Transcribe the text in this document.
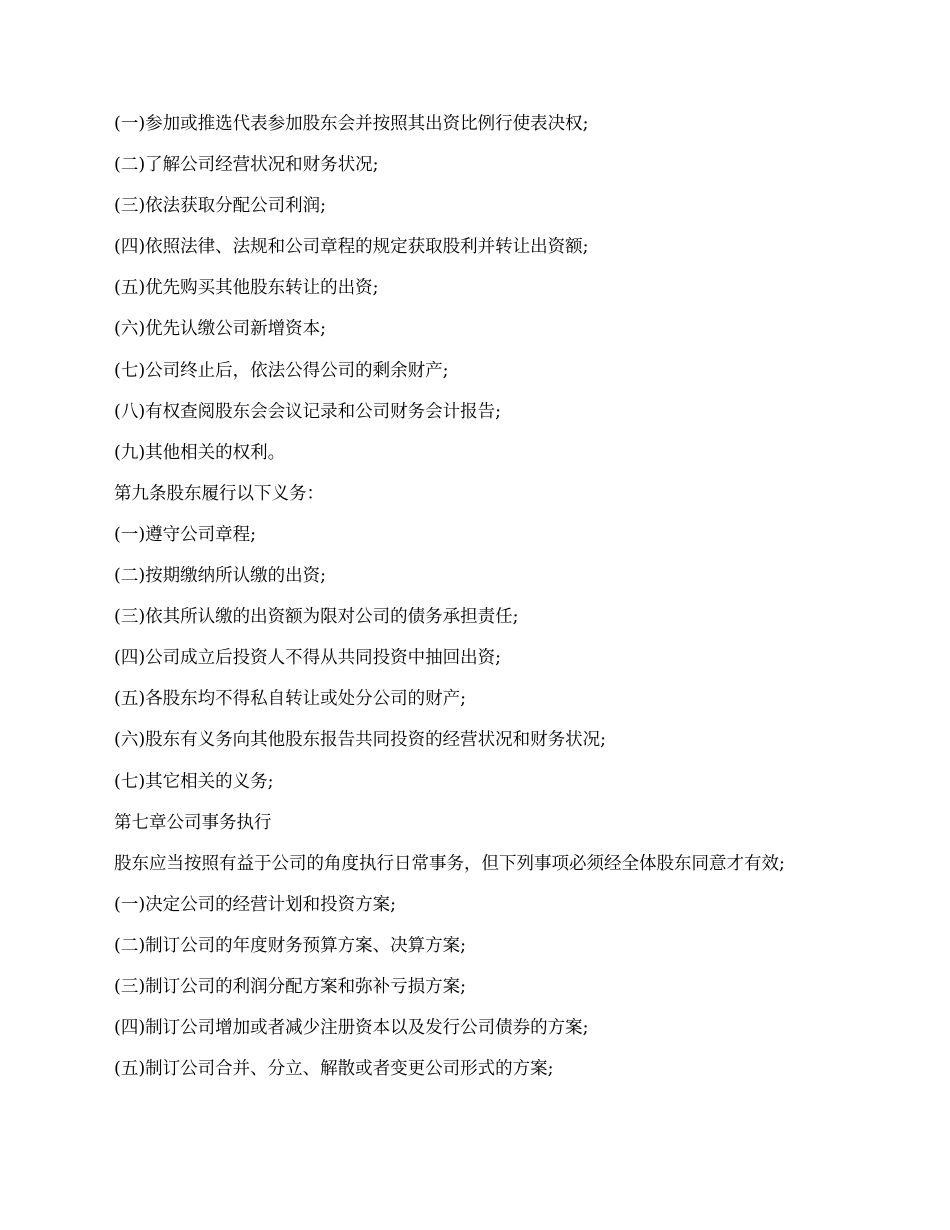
(一)参加或推选代表参加股东会并按照其出资比例行使表决权;
(二)了解公司经营状况和财务状况;
(三)依法获取分配公司利润;
(四)依照法律、法规和公司章程的规定获取股利并转让出资额;
(五)优先购买其他股东转让的出资;
(六)优先认缴公司新增资本;
(七)公司终止后，依法公得公司的剩余财产;
(八)有权查阅股东会会议记录和公司财务会计报告;
(九)其他相关的权利。
第九条股东履行以下义务：
(一)遵守公司章程;
(二)按期缴纳所认缴的出资;
(三)依其所认缴的出资额为限对公司的债务承担责任;
(四)公司成立后投资人不得从共同投资中抽回出资;
(五)各股东均不得私自转让或处分公司的财产;
(六)股东有义务向其他股东报告共同投资的经营状况和财务状况;
(七)其它相关的义务;
第七章公司事务执行
股东应当按照有益于公司的角度执行日常事务，但下列事项必须经全体股东同意才有效;
(一)决定公司的经营计划和投资方案;
(二)制订公司的年度财务预算方案、决算方案;
(三)制订公司的利润分配方案和弥补亏损方案;
(四)制订公司增加或者减少注册资本以及发行公司债券的方案;
(五)制订公司合并、分立、解散或者变更公司形式的方案;
